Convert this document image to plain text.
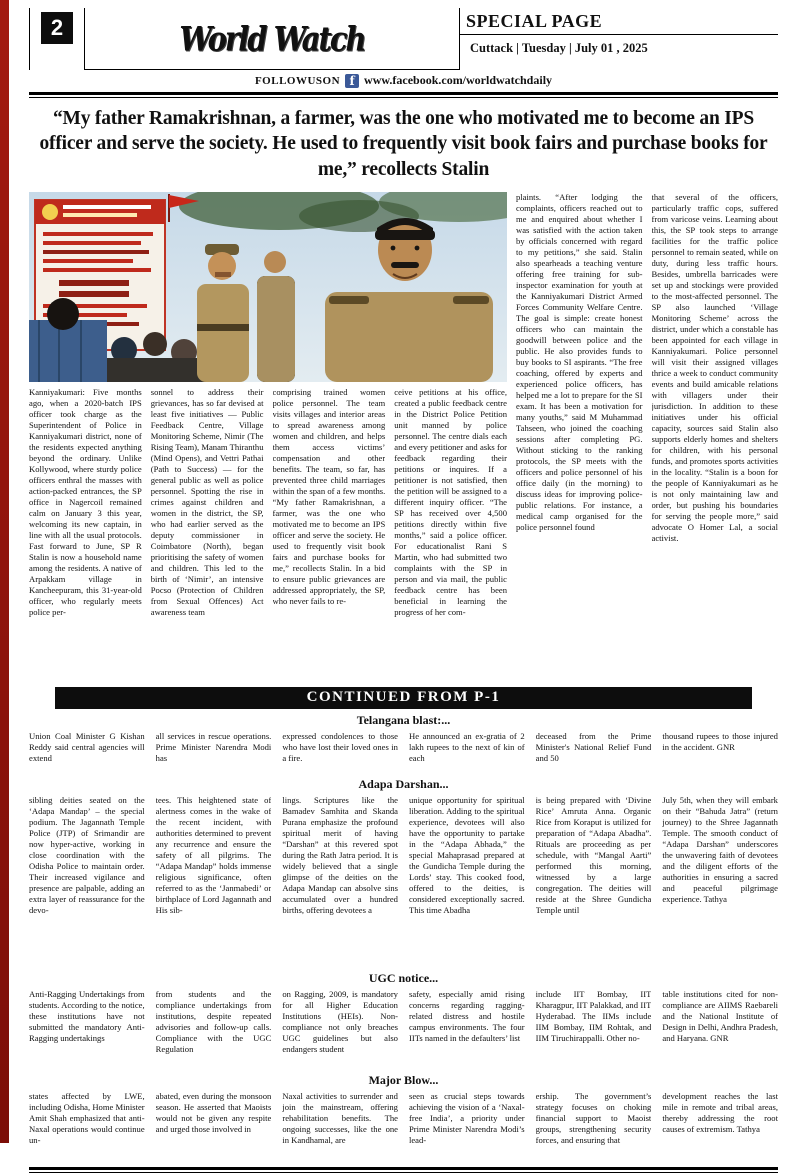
2	World Watch	SPECIAL PAGE
Cuttack | Tuesday | July 01 , 2025
FOLLOWUSON f www.facebook.com/worldwatchdaily
“My father Ramakrishnan, a farmer, was the one who motivated me to become an IPS officer and serve the society. He used to frequently visit book fairs and purchase books for me,” recollects Stalin
Kanniyakumari: Five months ago, when a 2020-batch IPS officer took charge as the Superintendent of Police in Kanniyakumari district, none of the residents expected anything beyond the ordinary. Unlike Kollywood, where sturdy police officers enthral the masses with action-packed entrances, the SP office in Nagercoil remained calm on January 3 this year, welcoming its new captain, in line with all the usual protocols. Fast forward to June, SP R Stalin is now a household name among the residents. A native of Arpakkam village in Kancheepuram, this 31-year-old officer, who regularly meets police per-
sonnel to address their grievances, has so far devised at least five initiatives — Public Feedback Centre, Village Monitoring Scheme, Nimir (The Rising Team), Manam Thiranthu (Mind Opens), and Vettri Pathai (Path to Success) — for the general public as well as police personnel. Spotting the rise in crimes against children and women in the district, the SP, who had earlier served as the deputy commissioner in Coimbatore (North), began prioritising the safety of women and children. This led to the birth of ‘Nimir’, an intensive Pocso (Protection of Children from Sexual Offences) Act awareness team
comprising trained women police personnel. The team visits villages and interior areas to spread awareness among women and children, and helps them access victims’ compensation and other benefits. The team, so far, has prevented three child marriages within the span of a few months. “My father Ramakrishnan, a farmer, was the one who motivated me to become an IPS officer and serve the society. He used to frequently visit book fairs and purchase books for me,” recollects Stalin. In a bid to ensure public grievances are addressed appropriately, the SP, who never fails to re-
ceive petitions at his office, created a public feedback centre in the District Police Petition unit manned by police personnel. The centre dials each and every petitioner and asks for feedback regarding their petitions or inquires. If a petitioner is not satisfied, then the petition will be assigned to a different inquiry officer. “The SP has received over 4,500 petitions directly within five months,” said a police officer. For educationalist Rani S Martin, who had submitted two complaints with the SP in person and via mail, the public feedback centre has been beneficial in learning the progress of her com-
plaints. “After lodging the complaints, officers reached out to me and enquired about whether I was satisfied with the action taken by officials concerned with regard to my petitions,” she said. Stalin also spearheads a teaching venture offering free training for sub-inspector examination for youth at the Kanniyakumari District Armed Forces Community Welfare Centre. The goal is simple: create honest officers who can maintain the goodwill between police and the public. He also provides funds to buy books to SI aspirants. “The free coaching, offered by experts and experienced police officers, has helped me a lot to prepare for the SI exam. It has been a motivation for many youths,” said M Muhammad Tahseen, who joined the coaching sessions after completing PG. Without sticking to the ranking protocols, the SP meets with the officers and police personnel of his office daily (in the morning) to discuss ideas for improving police-public relations. For instance, a medical camp organised for the police personnel found
that several of the officers, particularly traffic cops, suffered from varicose veins. Learning about this, the SP took steps to arrange facilities for the traffic police personnel to remain seated, while on duty, during less traffic hours. Besides, umbrella barricades were set up and stockings were provided to the most-affected personnel. The SP also launched ‘Village Monitoring Scheme’ across the district, under which a constable has been appointed for each village in Kanniyakumari. Police personnel will visit their assigned villages thrice a week to conduct community events and build amicable relations with villagers under their jurisdiction. In addition to these initiatives under his official capacity, sources said Stalin also supports elderly homes and shelters for children, with his personal funds, and promotes sports activities in the locality. “Stalin is a boon for the people of Kanniyakumari as he is not only maintaining law and order, but pushing his boundaries for serving the people more,” said advocate O Homer Lal, a social activist.
CONTINUED FROM P-1
Telangana blast:...
Union Coal Minister G Kishan Reddy said central agencies will extend
all services in rescue operations. Prime Minister Narendra Modi has
expressed condolences to those who have lost their loved ones in a fire.
He announced an ex-gratia of 2 lakh rupees to the next of kin of each
deceased from the Prime Minister's National Relief Fund and 50
thousand rupees to those injured in the accident. GNR
Adapa Darshan...
sibling deities seated on the ‘Adapa Mandap’ – the special podium. The Jagannath Temple Police (JTP) of Srimandir are now hyper-active, working in close coordination with the Odisha Police to maintain order. Their increased vigilance and presence are palpable, adding an extra layer of reassurance for the devo-
tees. This heightened state of alertness comes in the wake of the recent incident, with authorities determined to prevent any recurrence and ensure the safety of all pilgrims. The “Adapa Mandap” holds immense religious significance, often referred to as the ‘Janmabedi’ or birthplace of Lord Jagannath and His sib-
lings. Scriptures like the Bamadev Samhita and Skanda Purana emphasize the profound spiritual merit of having “Darshan” at this revered spot during the Rath Jatra period. It is widely believed that a single glimpse of the deities on the Adapa Mandap can absolve sins accumulated over a hundred births, offering devotees a
unique opportunity for spiritual liberation. Adding to the spiritual experience, devotees will also have the opportunity to partake in the “Adapa Abhada,” the special Mahaprasad prepared at the Gundicha Temple during the Lords’ stay. This cooked food, offered to the deities, is considered exceptionally sacred. This time Abadha
is being prepared with ‘Divine Rice’ Amruta Anna. Organic Rice from Koraput is utilized for preparation of “Adapa Abadha”. Rituals are proceeding as per schedule, with “Mangal Aarti” performed this morning, witnessed by a large congregation. The deities will reside at the Shree Gundicha Temple until
July 5th, when they will embark on their “Bahuda Jatra” (return journey) to the Shree Jagannath Temple. The smooth conduct of “Adapa Darshan” underscores the unwavering faith of devotees and the diligent efforts of the authorities in ensuring a sacred and peaceful pilgrimage experience. Tathya
UGC notice...
Anti-Ragging Undertakings from students. According to the notice, these institutions have not submitted the mandatory Anti-Ragging undertakings
from students and the compliance undertakings from institutions, despite repeated advisories and follow-up calls. Compliance with the UGC Regulation
on Ragging, 2009, is mandatory for all Higher Education Institutions (HEIs). Non-compliance not only breaches UGC guidelines but also endangers student
safety, especially amid rising concerns regarding ragging-related distress and hostile campus environments. The four IITs named in the defaulters’ list
include IIT Bombay, IIT Kharagpur, IIT Palakkad, and IIT Hyderabad. The IIMs include IIM Bombay, IIM Rohtak, and IIM Tiruchirappalli. Other no-
table institutions cited for non-compliance are AIIMS Raebareli and the National Institute of Design in Delhi, Andhra Pradesh, and Haryana. GNR
Major Blow...
states affected by LWE, including Odisha, Home Minister Amit Shah emphasized that anti-Naxal operations would continue un-
abated, even during the monsoon season. He asserted that Maoists would not be given any respite and urged those involved in
Naxal activities to surrender and join the mainstream, offering rehabilitation benefits. The ongoing successes, like the one in Kandhamal, are
seen as crucial steps towards achieving the vision of a ‘Naxal-free India’, a priority under Prime Minister Narendra Modi’s lead-
ership. The government’s strategy focuses on choking financial support to Maoist groups, strengthening security forces, and ensuring that
development reaches the last mile in remote and tribal areas, thereby addressing the root causes of extremism. Tathya
